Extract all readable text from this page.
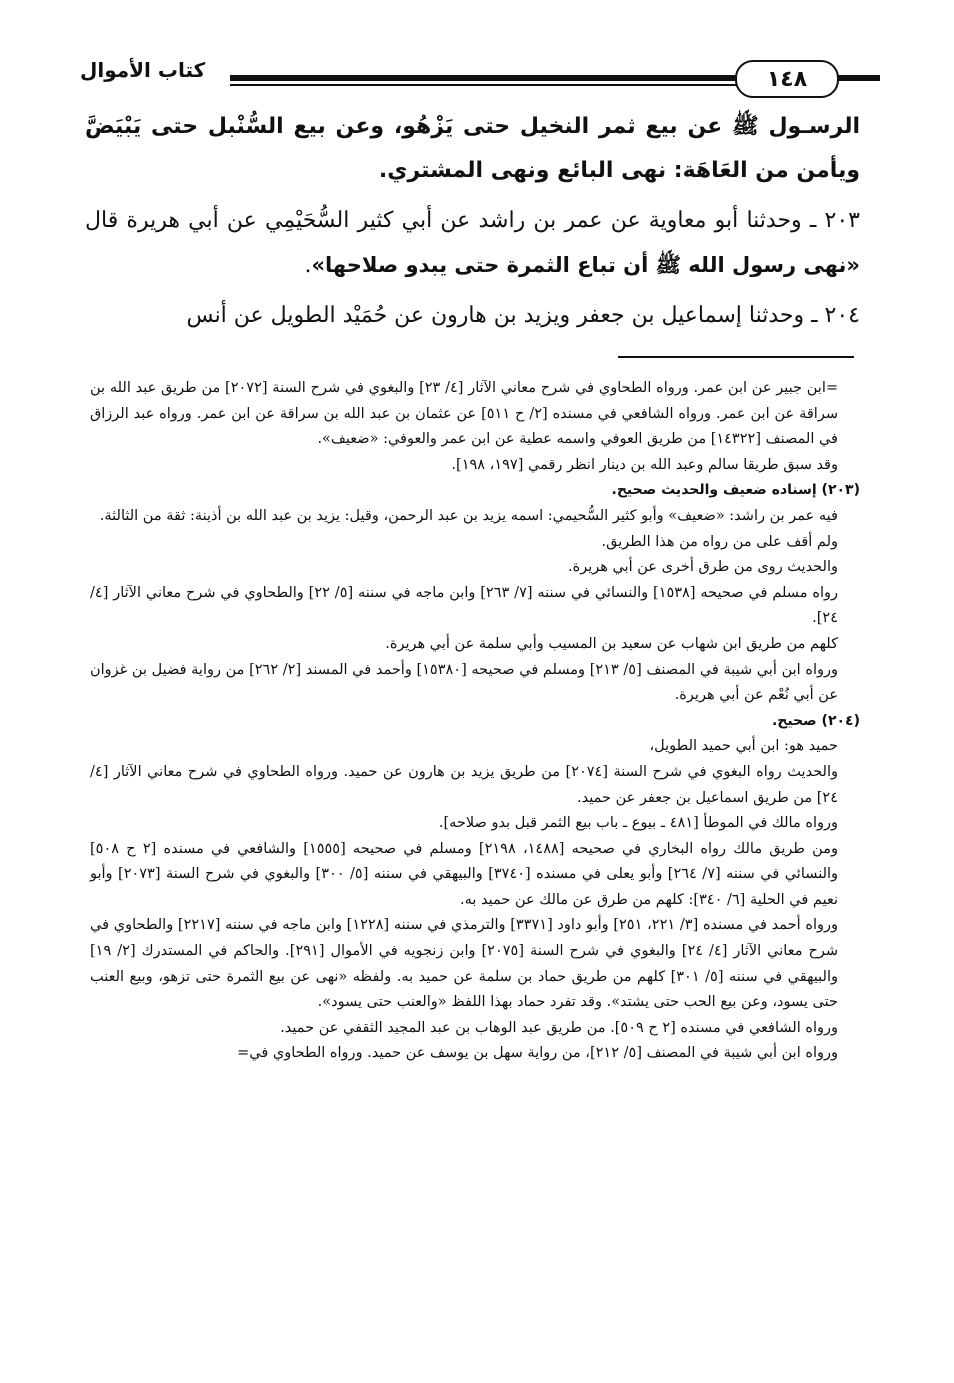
كتاب الأموال	١٤٨

الرسـول ﷺ عن بيع ثمر النخيل حتى يَزْهُو، وعن بيع السُّنْبل حتى يَبْيَضَّ ويأمن من العَاهَة: نهى البائع ونهى المشتري.

٢٠٣ ـ وحدثنا أبو معاوية عن عمر بن راشد عن أبي كثير السُّحَيْمِي عن أبي هريرة قال «نهى رسول الله ﷺ أن تباع الثمرة حتى يبدو صلاحها».

٢٠٤ ـ وحدثنا إسماعيل بن جعفر ويزيد بن هارون عن حُمَيْد الطويل عن أنس

=ابن جبير عن ابن عمر. ورواه الطحاوي في شرح معاني الآثار [٤/ ٢٣] والبغوي في شرح السنة [٢٠٧٢] من طريق عبد الله بن سراقة عن ابن عمر. ورواه الشافعي في مسنده [٢/ ح ٥١١] عن عثمان بن عبد الله بن سراقة عن ابن عمر. ورواه عبد الرزاق في المصنف [١٤٣٢٢] من طريق العوفي واسمه عطية عن ابن عمر والعوفي: «ضعيف».

وقد سبق طريقا سالم وعبد الله بن دينار انظر رقمي [١٩٧، ١٩٨].

(٢٠٣) إسناده ضعيف والحديث صحيح.

فيه عمر بن راشد: «ضعيف» وأبو كثير السُّحيمي: اسمه يزيد بن عبد الرحمن، وقيل: يزيد بن عبد الله بن أذينة: ثقة من الثالثة.

ولم أقف على من رواه من هذا الطريق.

والحديث روى من طرق أخرى عن أبي هريرة.

رواه مسلم في صحيحه [١٥٣٨] والنسائي في سننه [٧/ ٢٦٣] وابن ماجه في سننه [٥/ ٢٢] والطحاوي في شرح معاني الآثار [٤/ ٢٤].

كلهم من طريق ابن شهاب عن سعيد بن المسيب وأبي سلمة عن أبي هريرة.

ورواه ابن أبي شيبة في المصنف [٥/ ٢١٣] ومسلم في صحيحه [١٥٣٨٠] وأحمد في المسند [٢/ ٢٦٢] من رواية فضيل بن غزوان عن أبي نُعْم عن أبي هريرة.

(٢٠٤) صحيح.

حميد هو: ابن أبي حميد الطويل،

والحديث رواه البغوي في شرح السنة [٢٠٧٤] من طريق يزيد بن هارون عن حميد. ورواه الطحاوي في شرح معاني الآثار [٤/ ٢٤] من طريق اسماعيل بن جعفر عن حميد.

ورواه مالك في الموطأ [٤٨١ ـ بيوع ـ باب بيع الثمر قبل بدو صلاحه].

ومن طريق مالك رواه البخاري في صحيحه [١٤٨٨، ٢١٩٨] ومسلم في صحيحه [١٥٥٥] والشافعي في مسنده [٢ ح ٥٠٨] والنسائي في سننه [٧/ ٢٦٤] وأبو يعلى في مسنده [٣٧٤٠] والبيهقي في سننه [٥/ ٣٠٠] والبغوي في شرح السنة [٢٠٧٣] وأبو نعيم في الحلية [٦/ ٣٤٠]: كلهم من طرق عن مالك عن حميد به.

ورواه أحمد في مسنده [٣/ ٢٢١، ٢٥١] وأبو داود [٣٣٧١] والترمذي في سننه [١٢٢٨] وابن ماجه في سننه [٢٢١٧] والطحاوي في شرح معاني الآثار [٤/ ٢٤] والبغوي في شرح السنة [٢٠٧٥] وابن زنجويه في الأموال [٢٩١]. والحاكم في المستدرك [٢/ ١٩] والبيهقي في سننه [٥/ ٣٠١] كلهم من طريق حماد بن سلمة عن حميد به. ولفظه «نهى عن بيع الثمرة حتى تزهو، وبيع العنب حتى يسود، وعن بيع الحب حتى يشتد». وقد تفرد حماد بهذا اللفظ «والعنب حتى يسود».

ورواه الشافعي في مسنده [٢ ح ٥٠٩]. من طريق عبد الوهاب بن عبد المجيد الثقفي عن حميد.

ورواه ابن أبي شيبة في المصنف [٥/ ٢١٢]، من رواية سهل بن يوسف عن حميد. ورواه الطحاوي في=
